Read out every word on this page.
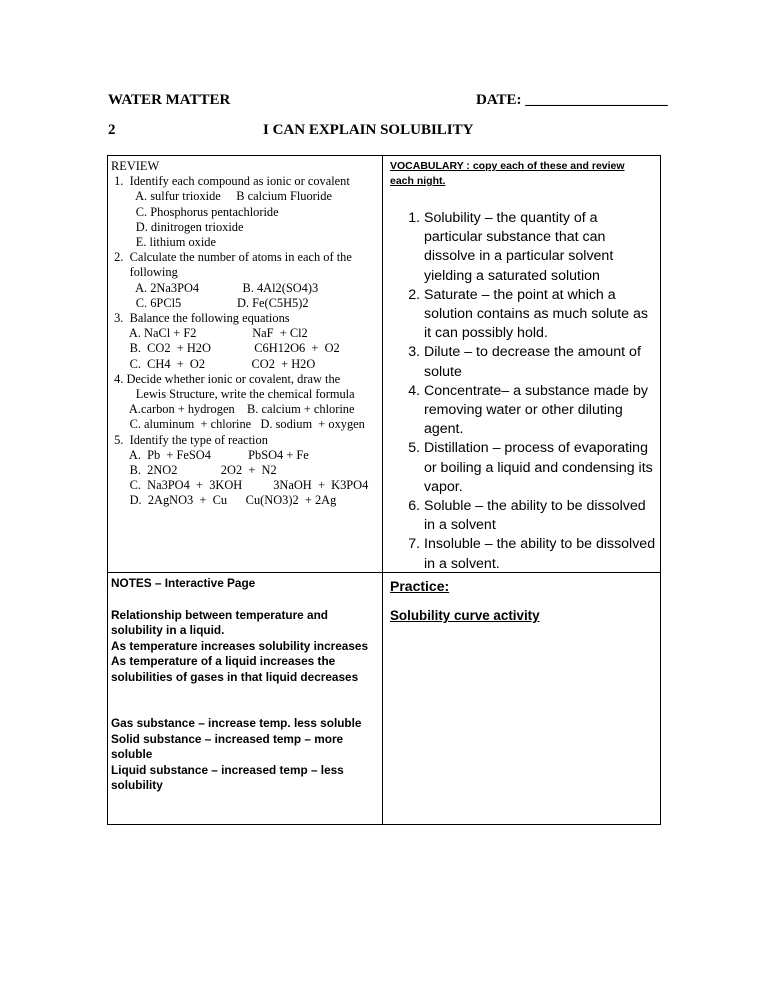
WATER MATTER	DATE: ___________________
2	I CAN EXPLAIN SOLUBILITY
REVIEW
1.  Identify each compound as ionic or covalent
A. sulfur trioxide     B calcium Fluoride
C. Phosphorus pentachloride
D. dinitrogen trioxide
E. lithium oxide
2.  Calculate the number of atoms in each of the
following
A. 2Na3PO4              B. 4Al2(SO4)3
C. 6PCl5                  D. Fe(C5H5)2
3.  Balance the following equations
A. NaCl + F2                  NaF  + Cl2
B.  CO2  + H2O              C6H12O6  +  O2
C.  CH4  +  O2               CO2  + H2O
4. Decide whether ionic or covalent, draw the
Lewis Structure, write the chemical formula
A.carbon + hydrogen    B. calcium + chlorine
C. aluminum  + chlorine   D. sodium  + oxygen
5.  Identify the type of reaction
A.  Pb  + FeSO4            PbSO4 + Fe
B.  2NO2              2O2  +  N2
C.  Na3PO4  +  3KOH          3NaOH  +  K3PO4
D.  2AgNO3  +  Cu      Cu(NO3)2  + 2Ag
VOCABULARY : copy each of these and review
each night.
1. Solubility – the quantity of a particular substance that can dissolve in a particular solvent yielding a saturated solution
2. Saturate – the point at which a solution contains as much solute as it can possibly hold.
3. Dilute – to decrease the amount of solute
4. Concentrate– a substance made by removing water or other diluting agent.
5. Distillation – process of evaporating or boiling a liquid and condensing its vapor.
6. Soluble – the ability to be dissolved in a solvent
7. Insoluble – the ability to be dissolved in a solvent.

NOTES – Interactive Page

Relationship between temperature and solubility in a liquid.

As temperature increases solubility increases

As temperature of a liquid increases the solubilities of gases in that liquid decreases

Gas substance – increase temp. less soluble

Solid substance – increased temp – more soluble

Liquid substance – increased temp – less solubility

Practice:
Solubility curve activity
